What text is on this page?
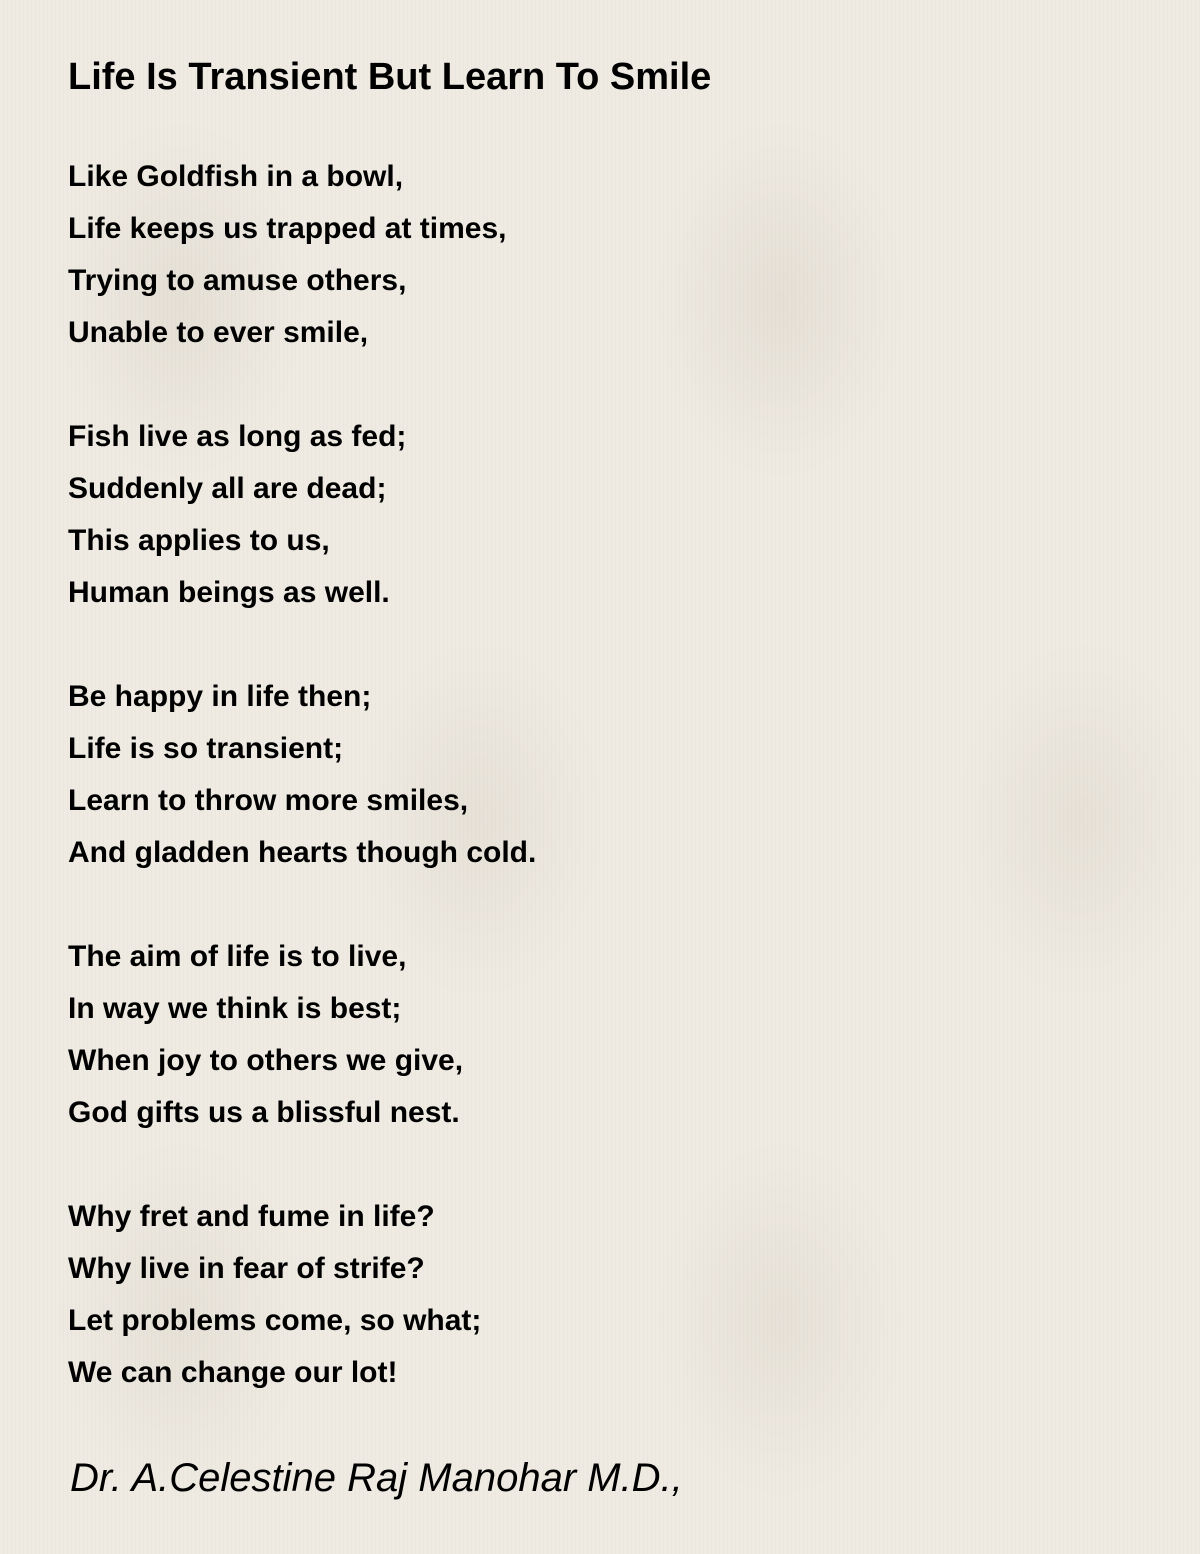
Life Is Transient But Learn To Smile
Like Goldfish in a bowl,
Life keeps us trapped at times,
Trying to amuse others,
Unable to ever smile,
Fish live as long as fed;
Suddenly all are dead;
This applies to us,
Human beings as well.
Be happy in life then;
Life is so transient;
Learn to throw more smiles,
And gladden hearts though cold.
The aim of life is to live,
In way we think is best;
When joy to others we give,
God gifts us a blissful nest.
Why fret and fume in life?
Why live in fear of strife?
Let problems come, so what;
We can change our lot!
Dr. A.Celestine Raj Manohar M.D.,
